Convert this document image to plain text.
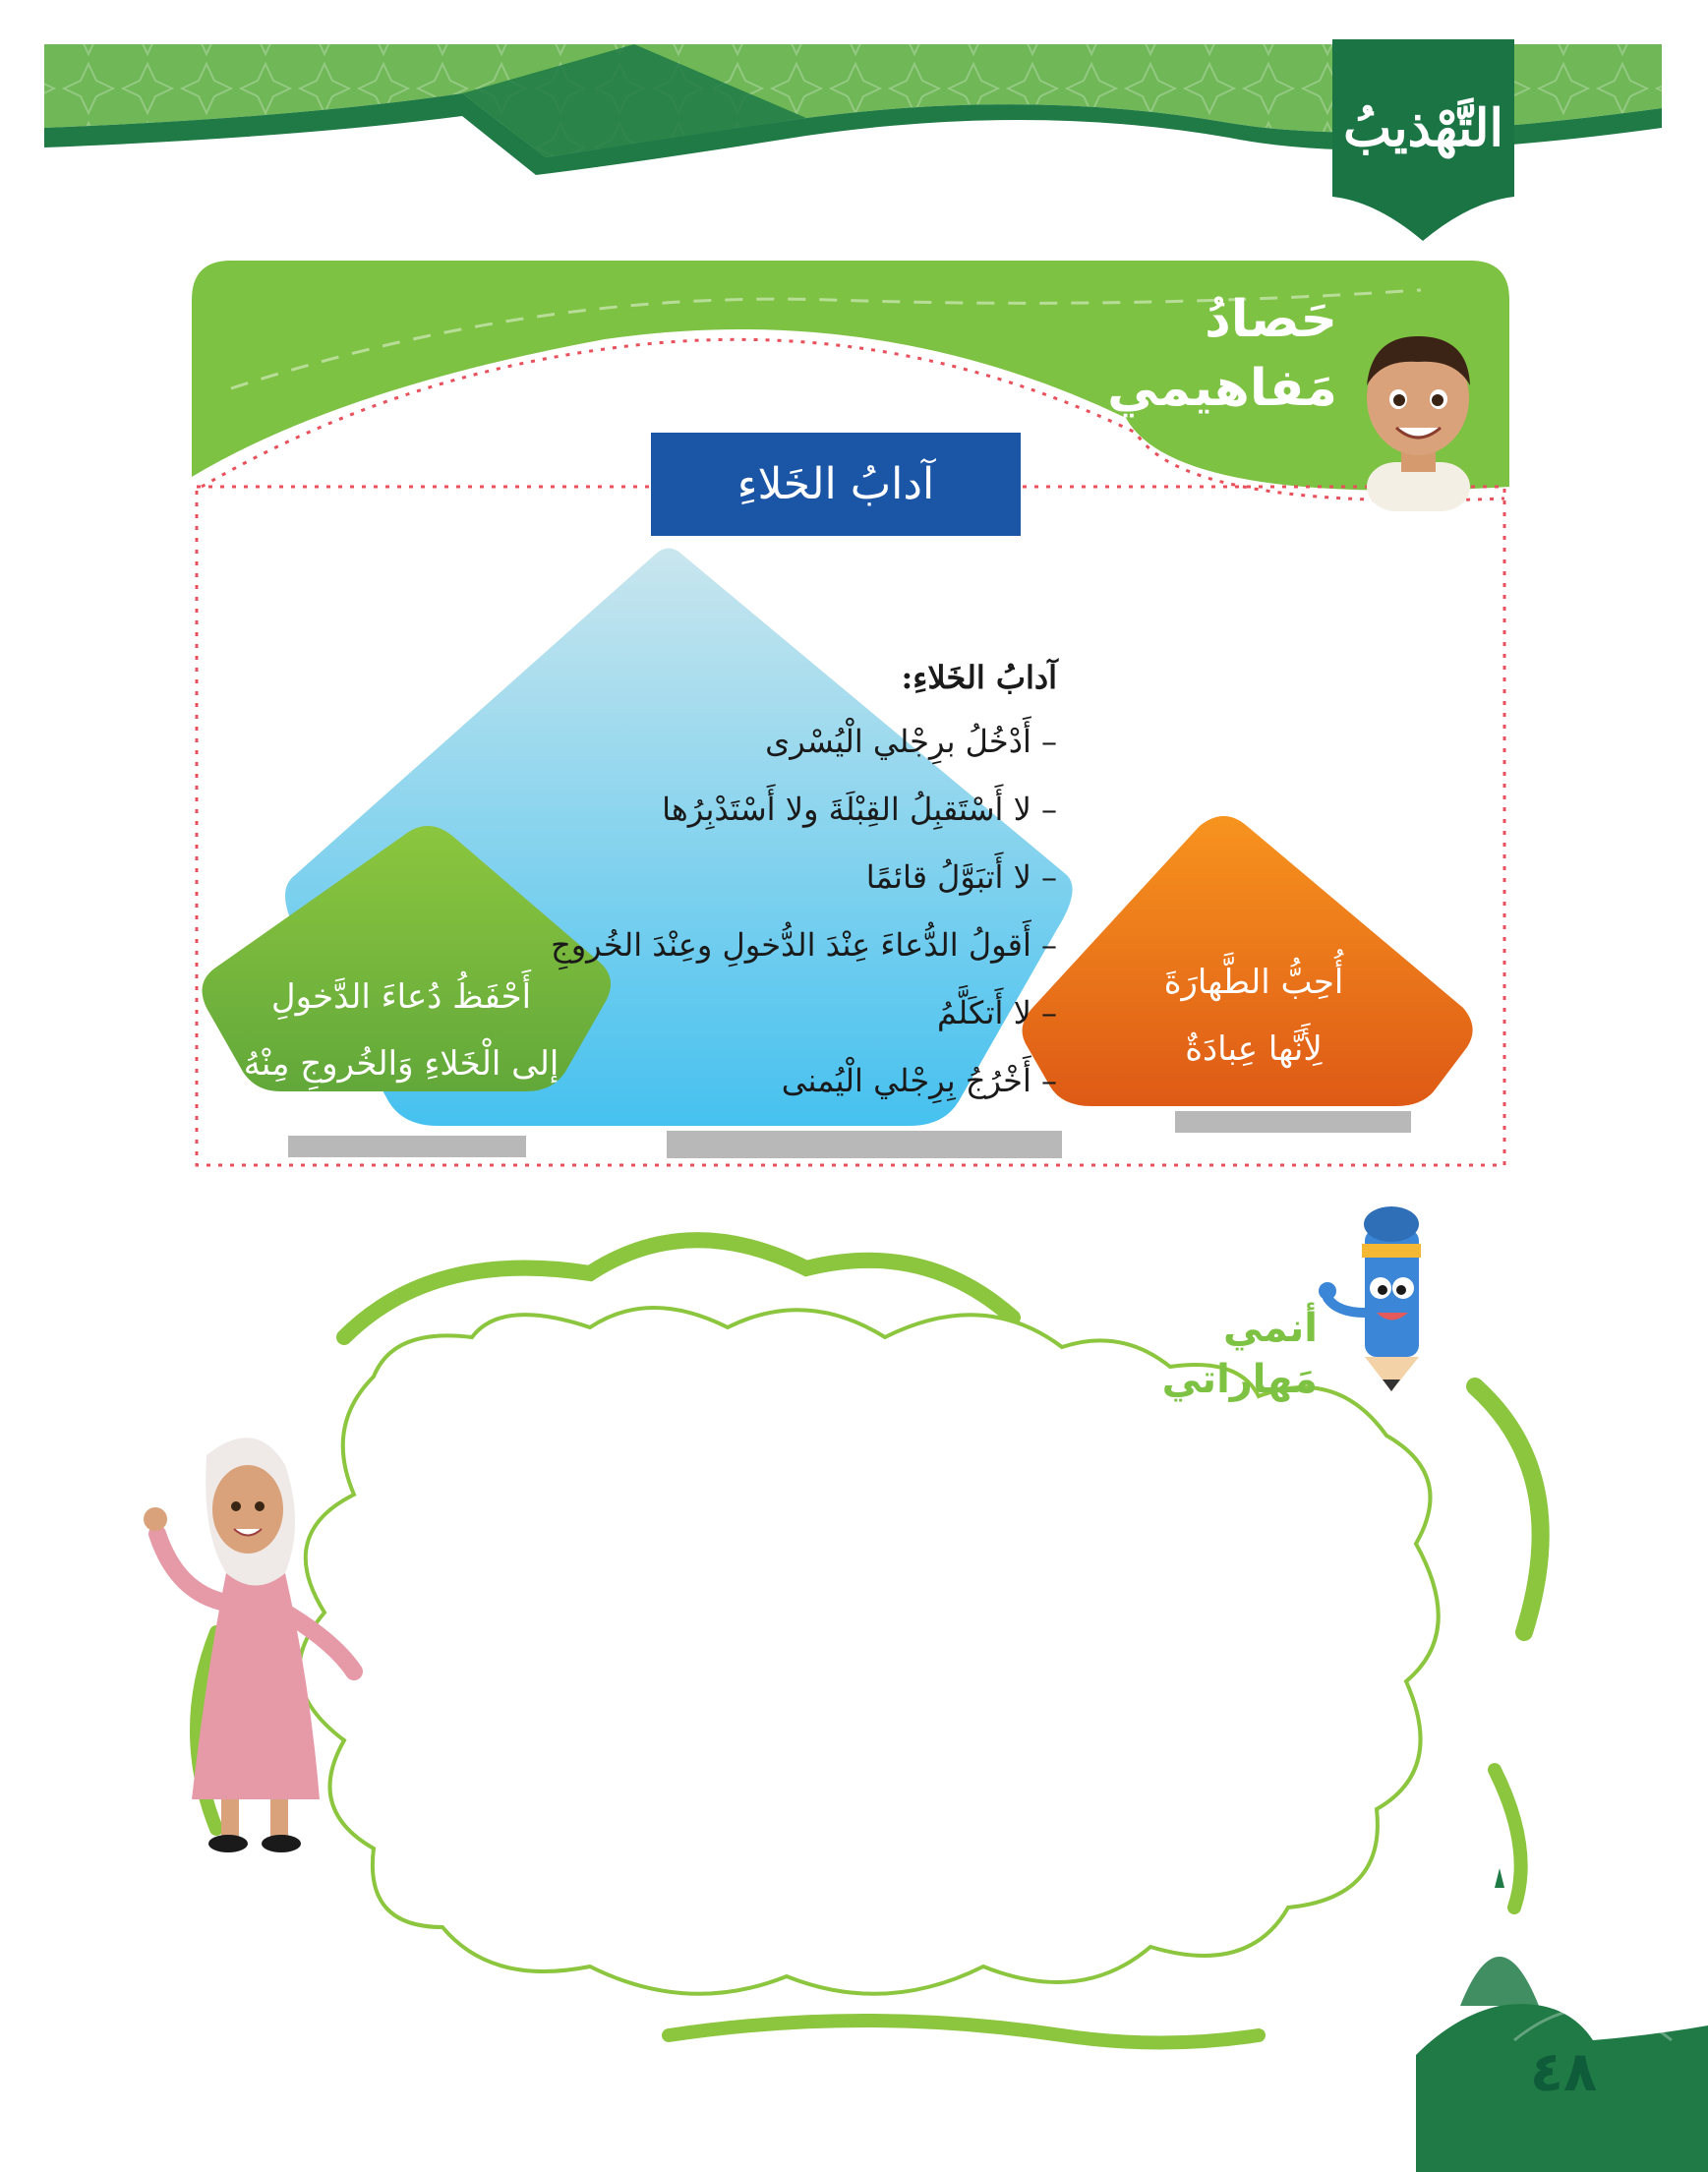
التَّهْذيبُ
حَصادُ
مَفاهيمي
آدابُ الخَلاءِ
آدابُ الخَلاءِ:
– أَدْخُلُ برِجْلي الْيُسْرى
– لا أَسْتَقبِلُ القِبْلَةَ ولا أَسْتَدْبِرُها
– لا أَتبَوَّلُ قائمًا
– أَقولُ الدُّعاءَ عِنْدَ الدُّخولِ وعِنْدَ الخُروجِ
– لا أَتكَلَّمُ
– أَخْرُجُ بِرِجْلي الْيُمنى
أَحْفَظُ دُعاءَ الدَّخولِ
إلى الْخَلاءِ وَالخُروجِ مِنْهُ
أُحِبُّ الطَّهارَةَ
لِأَنَّها عِبادَةٌ
أنمي
مَهاراتي
٤٨
